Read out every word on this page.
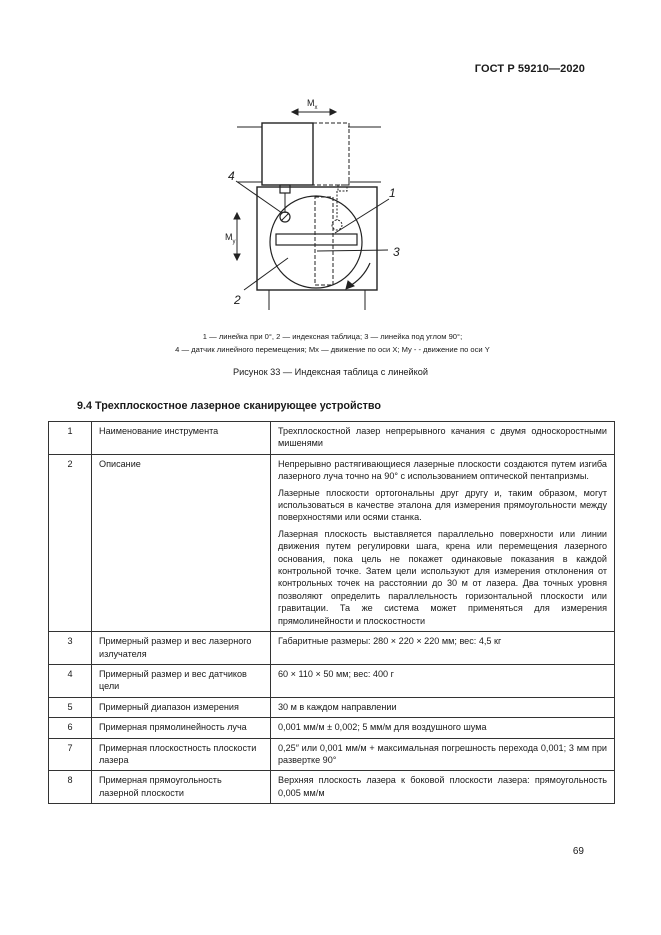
ГОСТ Р 59210—2020
$M_x$
$M_y$
4
1
3
2
1 — линейка при 0°, 2 — индексная таблица; 3 — линейка под углом 90°;
4 — датчик линейного перемещения; Mx — движение по оси X; My - - движение по оси Y
Рисунок 33 — Индексная таблица с линейкой
9.4 Трехплоскостное лазерное сканирующее устройство
1	Наименование инструмента	Трехплоскостной лазер непрерывного качания с двумя односкоростными мишенями

2	Описание	Непрерывно растягивающиеся лазерные плоскости создаются путем изгиба лазерного луча точно на 90° с использованием оптической пентапризмы.

Лазерные плоскости ортогональны друг другу и, таким образом, могут использоваться в качестве эталона для измерения прямоугольности между поверхностями или осями станка.

Лазерная плоскость выставляется параллельно поверхности или линии движения путем регулировки шага, крена или перемещения лазерного основания, пока цель не покажет одинаковые показания в каждой контрольной точке. Затем цели используют для измерения отклонения от контрольных точек на расстоянии до 30 м от лазера. Два точных уровня позволяют определить параллельность горизонтальной плоскости или гравитации. Та же система может применяться для измерения прямолинейности и плоскостности

3	Примерный размер и вес лазерного излучателя	Габаритные размеры: 280 × 220 × 220 мм; вес: 4,5 кг

4	Примерный размер и вес датчиков цели	60 × 110 × 50 мм; вес: 400 г

5	Примерный диапазон измерения	30 м в каждом направлении

6	Примерная прямолинейность луча	0,001 мм/м ± 0,002; 5 мм/м для воздушного шума

7	Примерная плоскостность плоскости лазера	0,25″ или 0,001 мм/м + максимальная погрешность перехода 0,001; 3 мм при развертке 90°

8	Примерная прямоугольность лазерной плоскости	Верхняя плоскость лазера к боковой плоскости лазера: прямоугольность 0,005 мм/м

69
